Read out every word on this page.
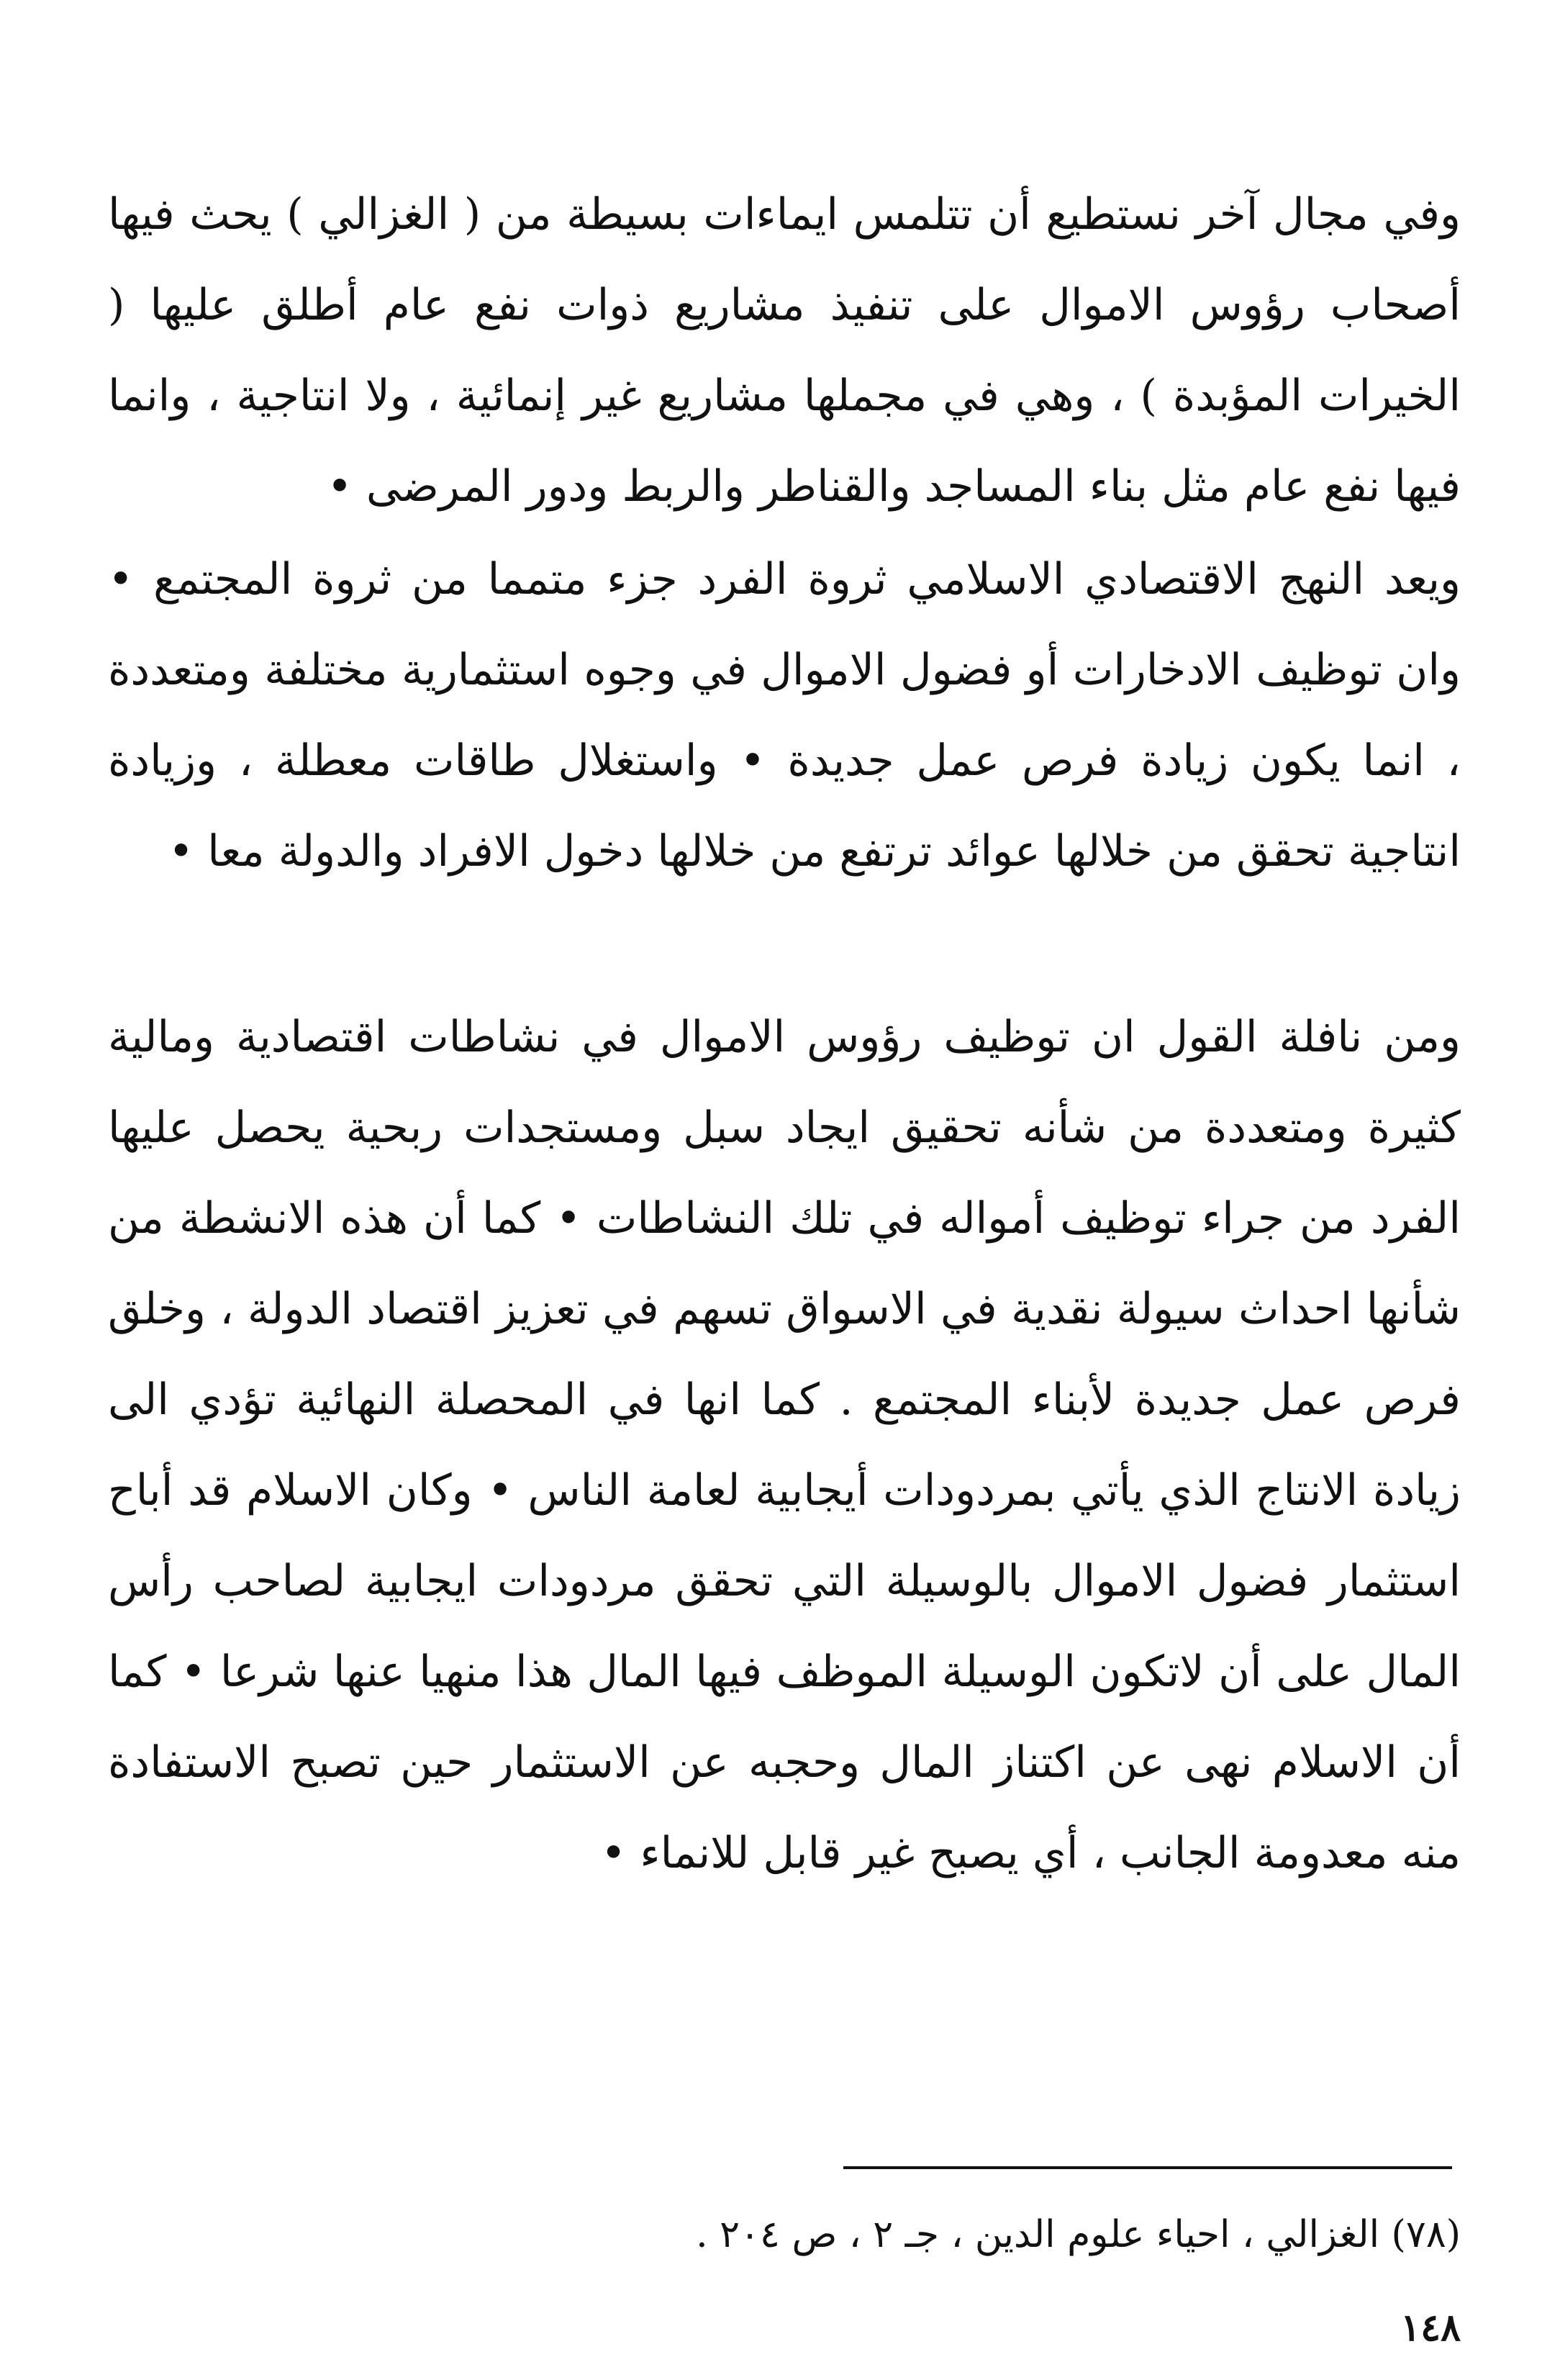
وفي مجال آخر نستطيع أن تتلمس ايماءات بسيطة من ( الغزالي ) يحث فيها أصحاب رؤوس الاموال على تنفيذ مشاريع ذوات نفع عام أطلق عليها ( الخيرات المؤبدة ) ، وهي في مجملها مشاريع غير إنمائية ، ولا انتاجية ، وانما فيها نفع عام مثل بناء المساجد والقناطر والربط ودور المرضى •

ويعد النهج الاقتصادي الاسلامي ثروة الفرد جزء متمما من ثروة المجتمع • وان توظيف الادخارات أو فضول الاموال في وجوه استثمارية مختلفة ومتعددة ، انما يكون زيادة فرص عمل جديدة • واستغلال طاقات معطلة ، وزيادة انتاجية تحقق من خلالها عوائد ترتفع من خلالها دخول الافراد والدولة معا •

ومن نافلة القول ان توظيف رؤوس الاموال في نشاطات اقتصادية ومالية كثيرة ومتعددة من شأنه تحقيق ايجاد سبل ومستجدات ربحية يحصل عليها الفرد من جراء توظيف أمواله في تلك النشاطات • كما أن هذه الانشطة من شأنها احداث سيولة نقدية في الاسواق تسهم في تعزيز اقتصاد الدولة ، وخلق فرص عمل جديدة لأبناء المجتمع . كما انها في المحصلة النهائية تؤدي الى زيادة الانتاج الذي يأتي بمردودات أيجابية لعامة الناس • وكان الاسلام قد أباح استثمار فضول الاموال بالوسيلة التي تحقق مردودات ايجابية لصاحب رأس المال على أن لاتكون الوسيلة الموظف فيها المال هذا منهيا عنها شرعا • كما أن الاسلام نهى عن اكتناز المال وحجبه عن الاستثمار حين تصبح الاستفادة منه معدومة الجانب ، أي يصبح غير قابل للانماء •

(٧٨) الغزالي ، احياء علوم الدين ، جـ ٢ ، ص ٢٠٤ .

١٤٨
